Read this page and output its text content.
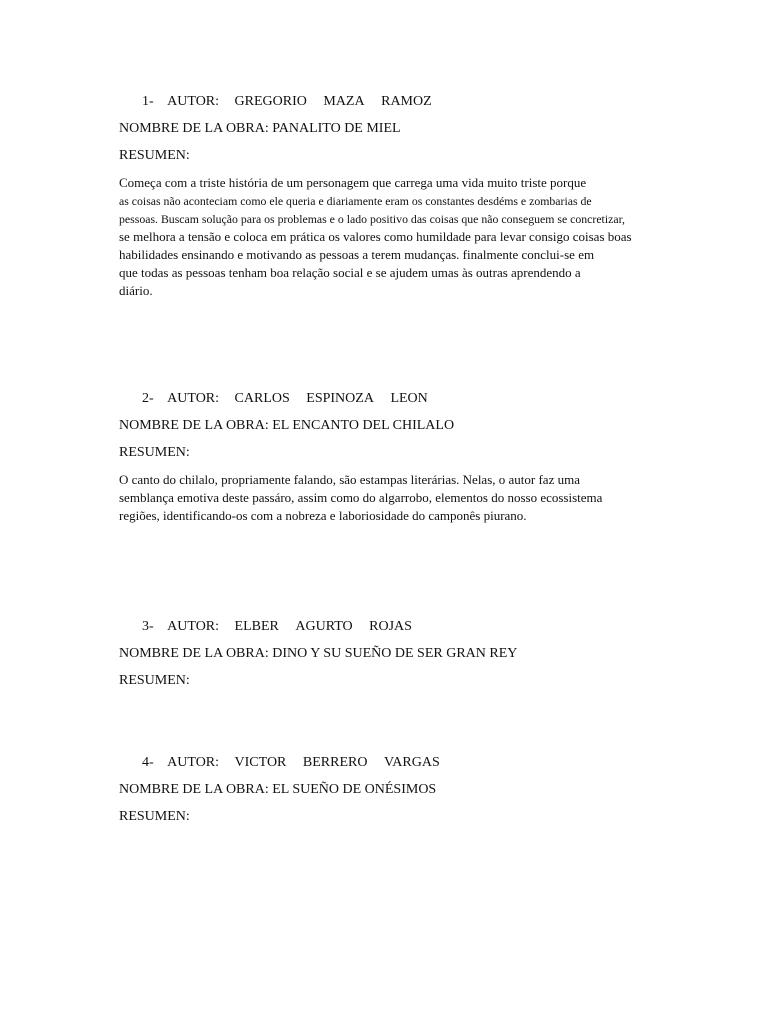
1- AUTOR: GREGORIO MAZA RAMOZ
NOMBRE DE LA OBRA: PANALITO DE MIEL
RESUMEN:
Começa com a triste história de um personagem que carrega uma vida muito triste porque
as coisas não aconteciam como ele queria e diariamente eram os constantes desdéms e zombarias de
pessoas. Buscam solução para os problemas e o lado positivo das coisas que não conseguem se concretizar,
se melhora a tensão e coloca em prática os valores como humildade para levar consigo coisas boas
habilidades ensinando e motivando as pessoas a terem mudanças. finalmente conclui-se em
que todas as pessoas tenham boa relação social e se ajudem umas às outras aprendendo a
diário.
2- AUTOR: CARLOS ESPINOZA LEON
NOMBRE DE LA OBRA: EL ENCANTO DEL CHILALO
RESUMEN:
O canto do chilalo, propriamente falando, são estampas literárias. Nelas, o autor faz uma
semblança emotiva deste passáro, assim como do algarrobo, elementos do nosso ecossistema
regiões, identificando-os com a nobreza e laboriosidade do camponês piurano.
3- AUTOR: ELBER AGURTO ROJAS
NOMBRE DE LA OBRA: DINO Y SU SUEÑO DE SER GRAN REY
RESUMEN:
4- AUTOR: VICTOR BERRERO VARGAS
NOMBRE DE LA OBRA: EL SUEÑO DE ONÉSIMOS
RESUMEN:
